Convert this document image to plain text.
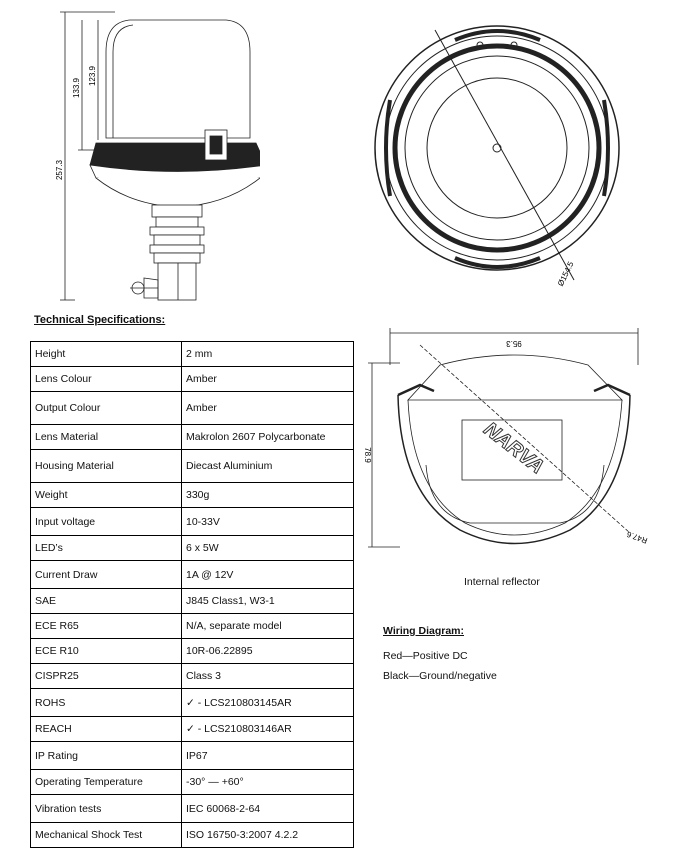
257.3
133.9
123.9
Ø154.5
NARVA
95.3
78.9
R47.6
Internal reflector
Technical Specifications:
Height	2 mm
Lens Colour	Amber
Output Colour	Amber
Lens Material	Makrolon 2607 Polycarbonate
Housing Material	Diecast Aluminium
Weight	330g
Input voltage	10-33V
LED’s	6 x 5W
Current Draw	1A @ 12V
SAE	J845 Class1, W3-1
ECE R65	N/A, separate model
ECE R10	10R-06.22895
CISPR25	Class 3
ROHS	✓ - LCS210803145AR
REACH	✓ - LCS210803146AR
IP Rating	IP67
Operating Temperature	-30° — +60°
Vibration tests	IEC 60068-2-64
Mechanical Shock Test	ISO 16750-3:2007 4.2.2
Wiring Diagram:
Red—Positive DC
Black—Ground/negative
